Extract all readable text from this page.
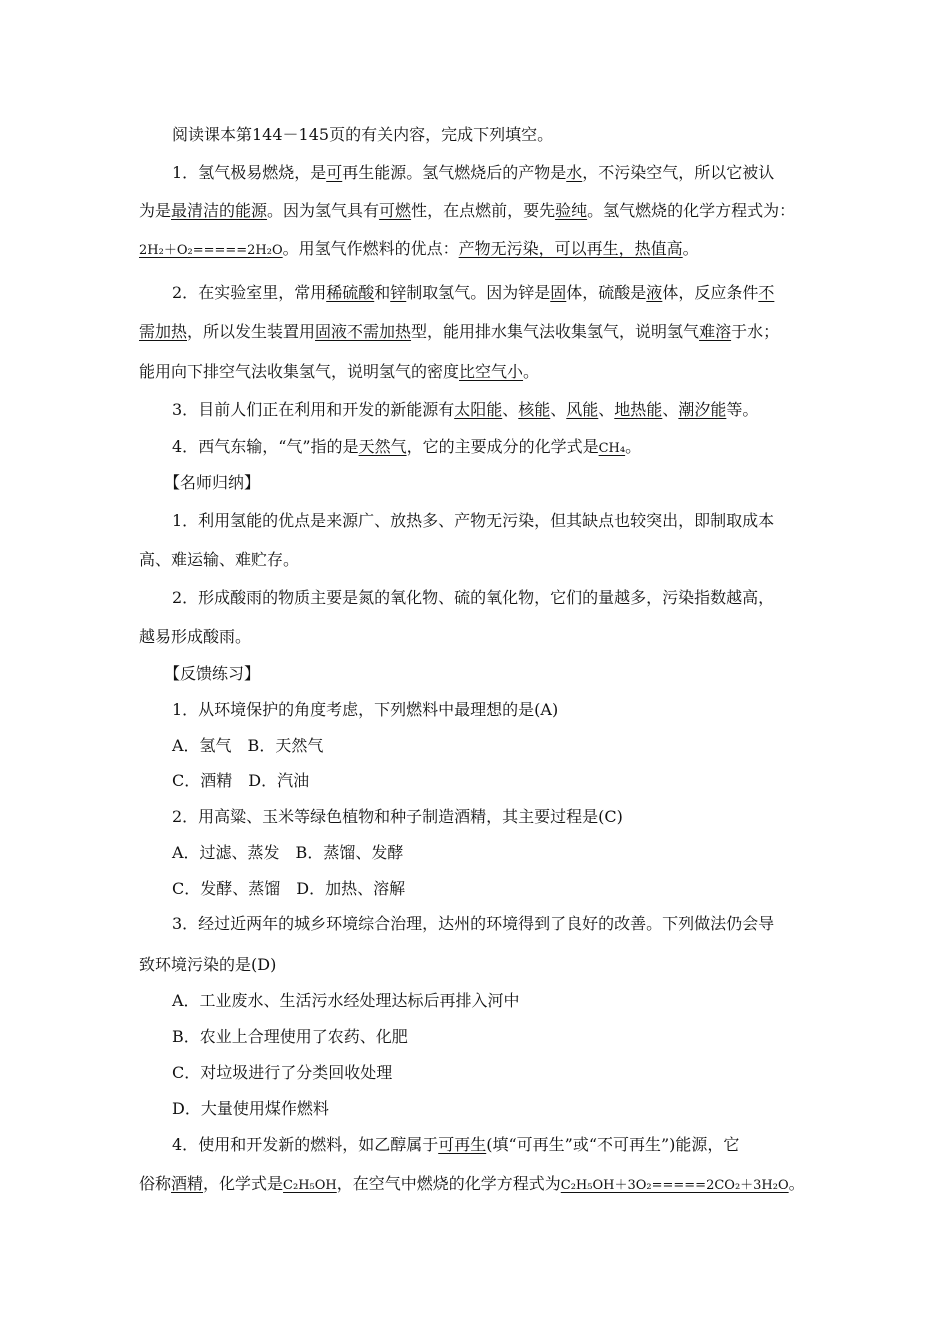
阅读课本第144－145页的有关内容，完成下列填空。
1．氢气极易燃烧，是可再生能源。氢气燃烧后的产物是水，不污染空气，所以它被认
为是最清洁的能源。因为氢气具有可燃性，在点燃前，要先验纯。氢气燃烧的化学方程式为：
2H₂＋O₂=====2H₂O。用氢气作燃料的优点：产物无污染，可以再生，热值高。
2．在实验室里，常用稀硫酸和锌制取氢气。因为锌是固体，硫酸是液体，反应条件不
需加热，所以发生装置用固液不需加热型，能用排水集气法收集氢气，说明氢气难溶于水；
能用向下排空气法收集氢气，说明氢气的密度比空气小。
3．目前人们正在利用和开发的新能源有太阳能、核能、风能、地热能、潮汐能等。
4．西气东输，“气”指的是天然气，它的主要成分的化学式是CH₄。
【名师归纳】
1．利用氢能的优点是来源广、放热多、产物无污染，但其缺点也较突出，即制取成本
高、难运输、难贮存。
2．形成酸雨的物质主要是氮的氧化物、硫的氧化物，它们的量越多，污染指数越高，
越易形成酸雨。
【反馈练习】
1．从环境保护的角度考虑，下列燃料中最理想的是(A)
A．氢气　B．天然气
C．酒精　D．汽油
2．用高粱、玉米等绿色植物和种子制造酒精，其主要过程是(C)
A．过滤、蒸发　B．蒸馏、发酵
C．发酵、蒸馏　D．加热、溶解
3．经过近两年的城乡环境综合治理，达州的环境得到了良好的改善。下列做法仍会导
致环境污染的是(D)
A．工业废水、生活污水经处理达标后再排入河中
B．农业上合理使用了农药、化肥
C．对垃圾进行了分类回收处理
D．大量使用煤作燃料
4．使用和开发新的燃料，如乙醇属于可再生(填“可再生”或“不可再生”)能源，它
俗称酒精，化学式是C₂H₅OH，在空气中燃烧的化学方程式为C₂H₅OH＋3O₂=====2CO₂＋3H₂O。
